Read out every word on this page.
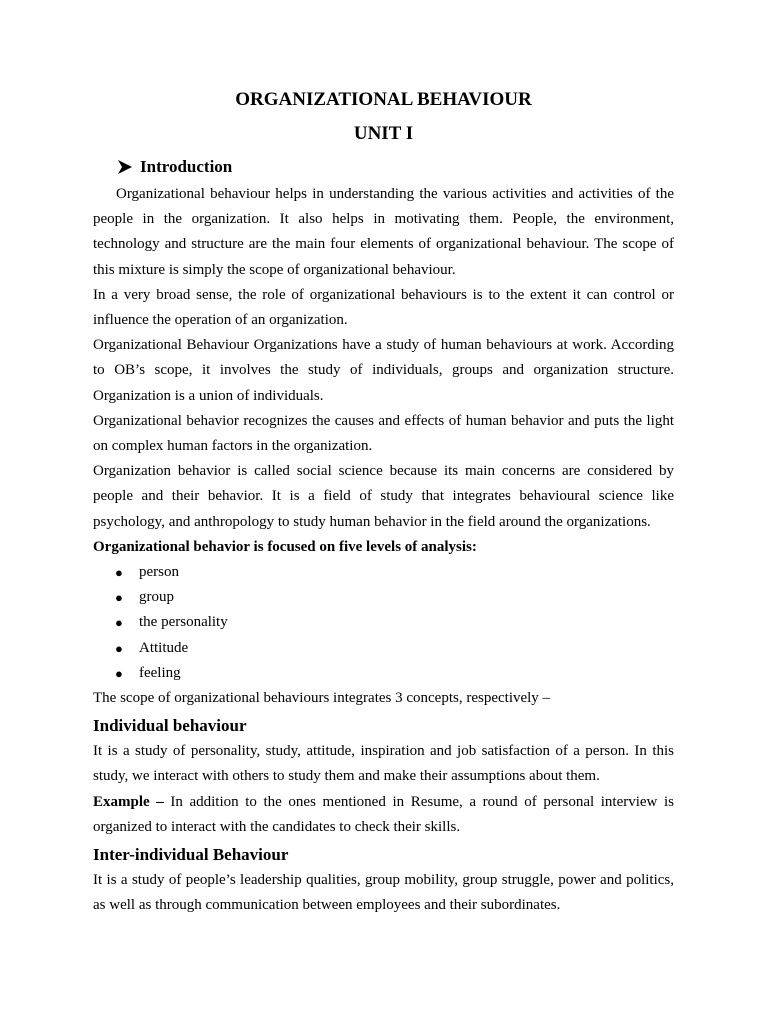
ORGANIZATIONAL BEHAVIOUR
UNIT I
Introduction

Organizational behaviour helps in understanding the various activities and activities of the people in the organization. It also helps in motivating them. People, the environment, technology and structure are the main four elements of organizational behaviour. The scope of this mixture is simply the scope of organizational behaviour.

In a very broad sense, the role of organizational behaviours is to the extent it can control or influence the operation of an organization.

Organizational Behaviour Organizations have a study of human behaviours at work. According to OB’s scope, it involves the study of individuals, groups and organization structure. Organization is a union of individuals.

Organizational behavior recognizes the causes and effects of human behavior and puts the light on complex human factors in the organization.

Organization behavior is called social science because its main concerns are considered by people and their behavior. It is a field of study that integrates behavioural science like psychology, and anthropology to study human behavior in the field around the organizations.

Organizational behavior is focused on five levels of analysis:

●	person
●	group
●	the personality
●	Attitude
●	feeling

The scope of organizational behaviours integrates 3 concepts, respectively –

Individual behaviour

It is a study of personality, study, attitude, inspiration and job satisfaction of a person. In this study, we interact with others to study them and make their assumptions about them.

Example – In addition to the ones mentioned in Resume, a round of personal interview is organized to interact with the candidates to check their skills.

Inter-individual Behaviour

It is a study of people’s leadership qualities, group mobility, group struggle, power and politics, as well as through communication between employees and their subordinates.
